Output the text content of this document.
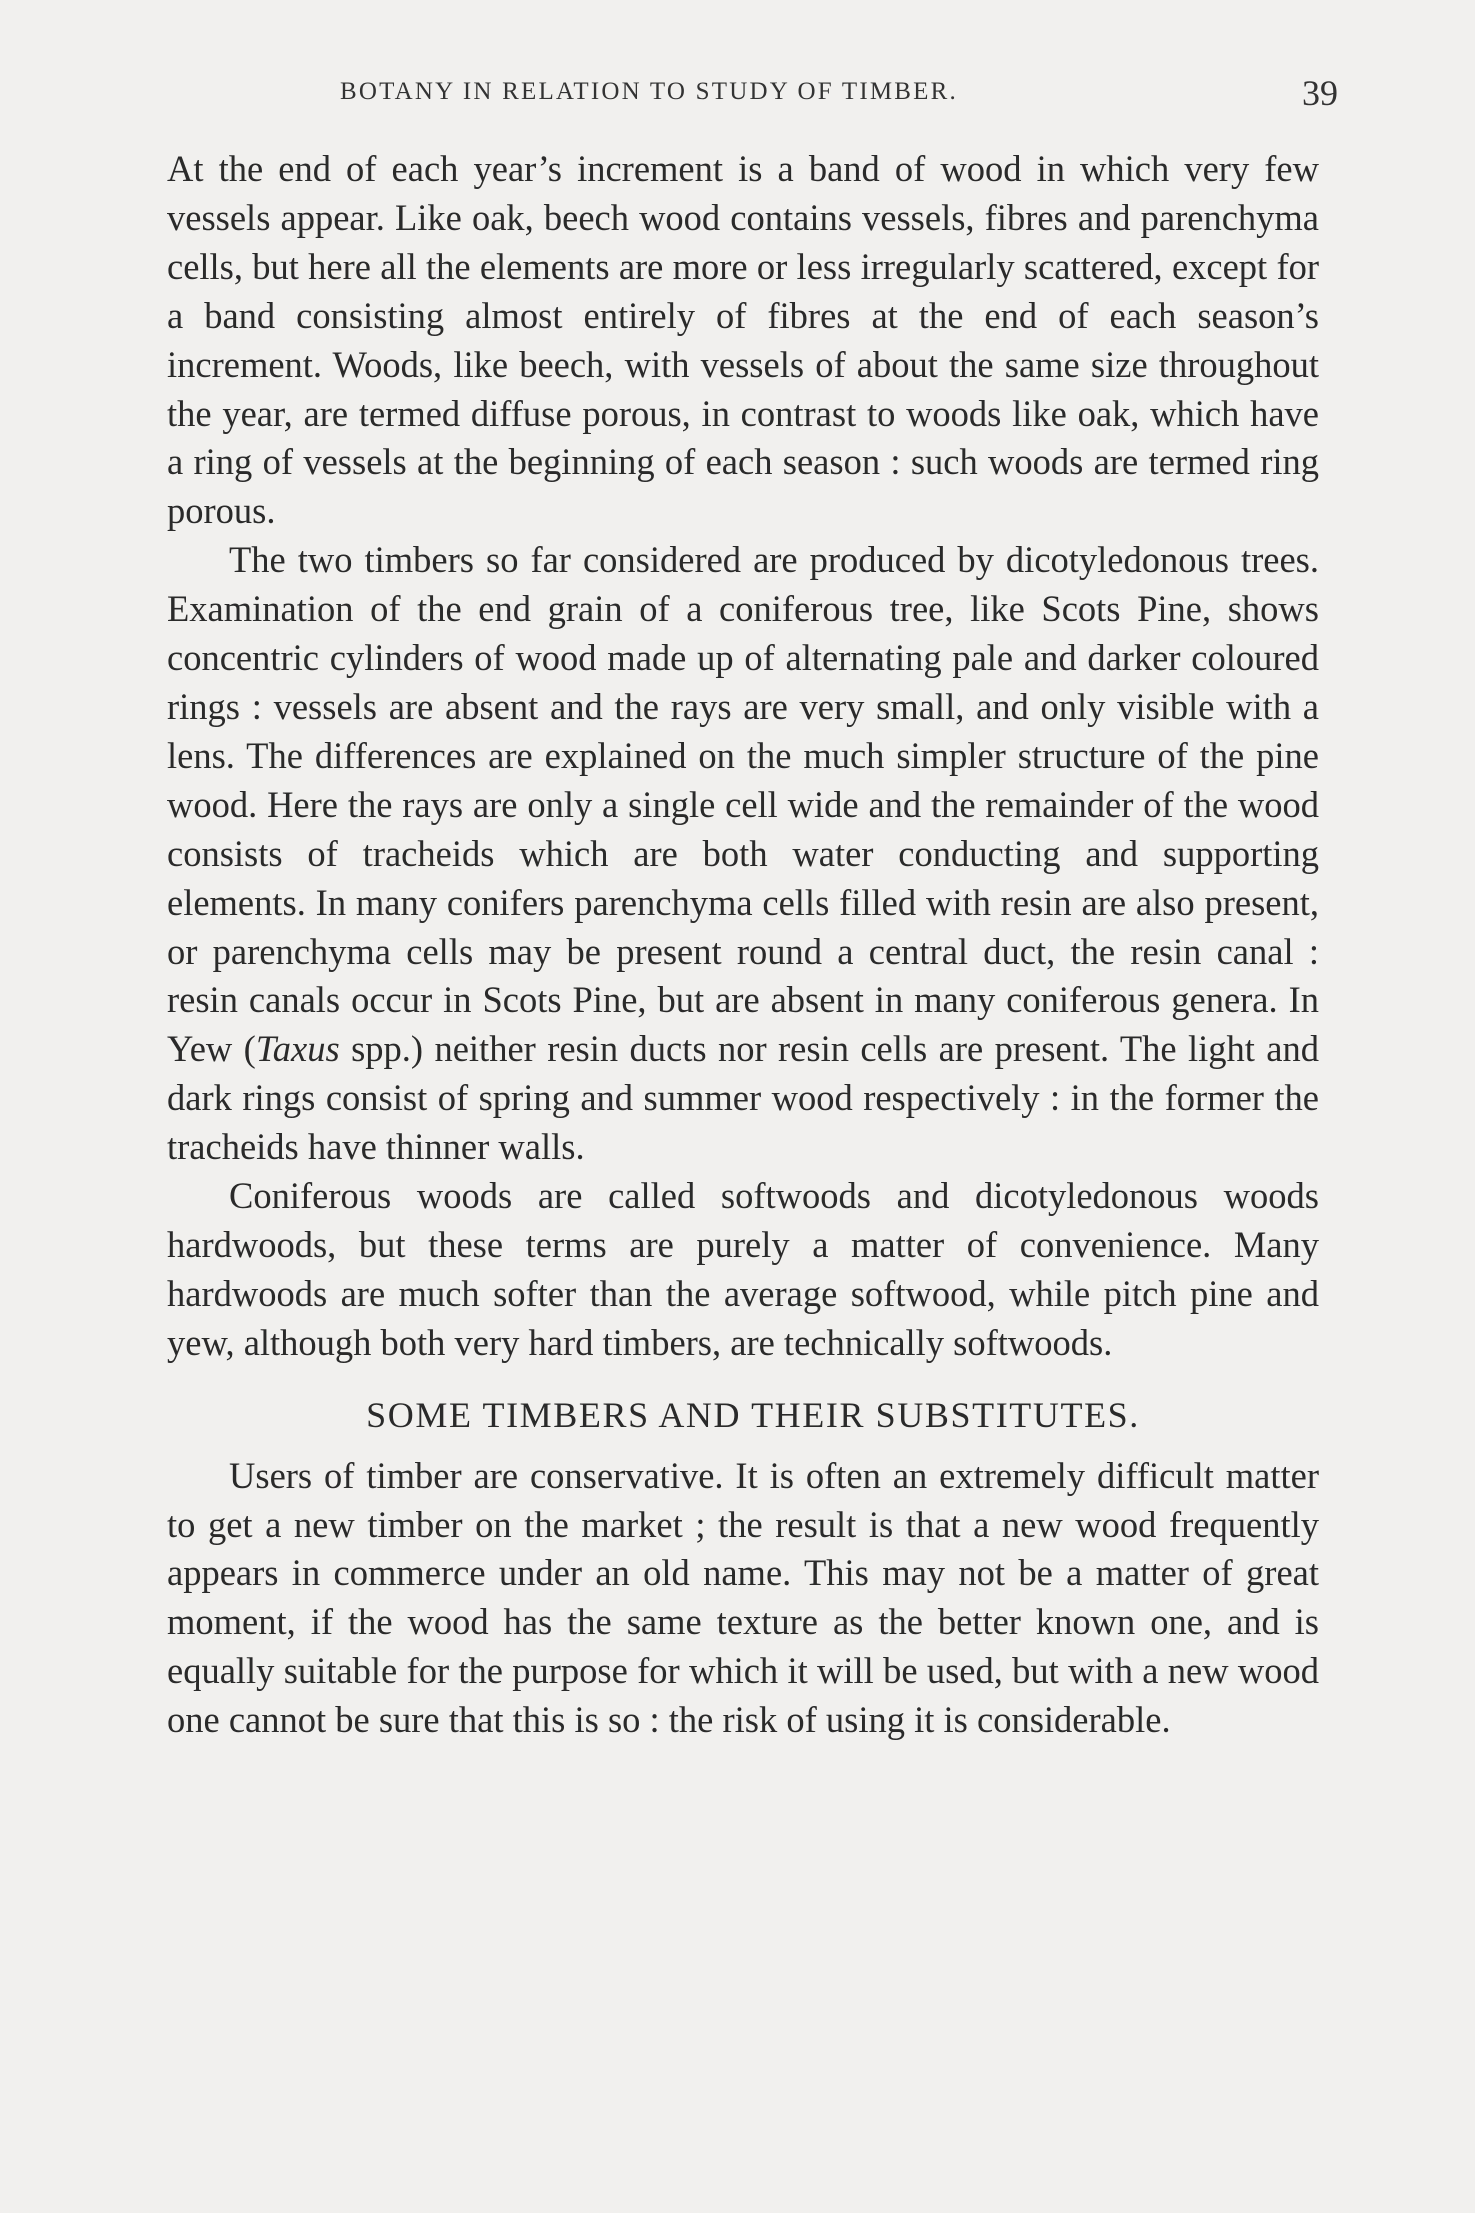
BOTANY IN RELATION TO STUDY OF TIMBER.	39

At the end of each year’s increment is a band of wood in which very few vessels appear. Like oak, beech wood contains vessels, fibres and parenchyma cells, but here all the elements are more or less irregularly scattered, except for a band consisting almost entirely of fibres at the end of each season’s increment. Woods, like beech, with vessels of about the same size throughout the year, are termed diffuse porous, in contrast to woods like oak, which have a ring of vessels at the beginning of each season : such woods are termed ring porous.

The two timbers so far considered are produced by dicotyledonous trees. Examination of the end grain of a coniferous tree, like Scots Pine, shows concentric cylinders of wood made up of alternating pale and darker coloured rings : vessels are absent and the rays are very small, and only visible with a lens. The differences are explained on the much simpler structure of the pine wood. Here the rays are only a single cell wide and the remainder of the wood consists of tracheids which are both water conducting and supporting elements. In many conifers parenchyma cells filled with resin are also present, or parenchyma cells may be present round a central duct, the resin canal : resin canals occur in Scots Pine, but are absent in many coniferous genera. In Yew (Taxus spp.) neither resin ducts nor resin cells are present. The light and dark rings consist of spring and summer wood respectively : in the former the tracheids have thinner walls.

Coniferous woods are called softwoods and dicotyledonous woods hardwoods, but these terms are purely a matter of convenience. Many hardwoods are much softer than the average softwood, while pitch pine and yew, although both very hard timbers, are technically softwoods.

SOME TIMBERS AND THEIR SUBSTITUTES.

Users of timber are conservative. It is often an extremely difficult matter to get a new timber on the market ; the result is that a new wood frequently appears in commerce under an old name. This may not be a matter of great moment, if the wood has the same texture as the better known one, and is equally suitable for the purpose for which it will be used, but with a new wood one cannot be sure that this is so : the risk of using it is considerable.
